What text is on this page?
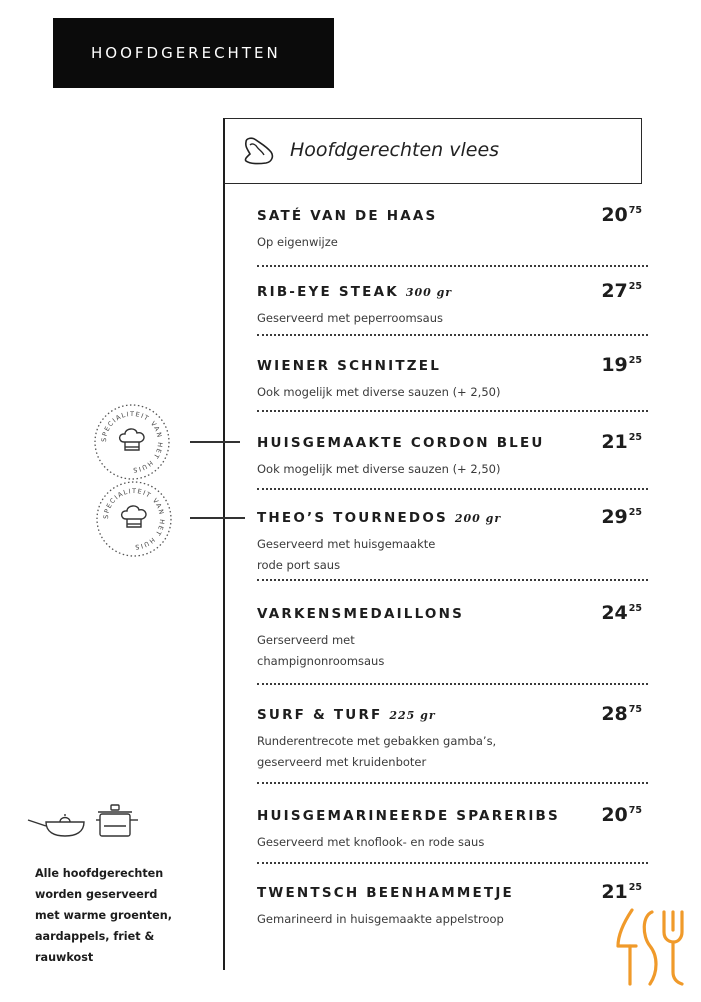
HOOFDGERECHTEN
Hoofdgerechten vlees
SATÉ VAN DE HAAS	$20^{75}$
Op eigenwijze
RIB-EYE STEAK 300 gr	$27^{25}$
Geserveerd met peperroomsaus
WIENER SCHNITZEL	$19^{25}$
Ook mogelijk met diverse sauzen (+ 2,50)
HUISGEMAAKTE CORDON BLEU	$21^{25}$
Ook mogelijk met diverse sauzen (+ 2,50)
THEO’S TOURNEDOS 200 gr	$29^{25}$
Geserveerd met huisgemaakte
rode port saus
VARKENSMEDAILLONS	$24^{25}$
Gerserveerd met
champignonroomsaus
SURF & TURF 225 gr	$28^{75}$
Runderentrecote met gebakken gamba’s,
geserveerd met kruidenboter
HUISGEMARINEERDE SPARERIBS $20^{75}$
Geserveerd met knoflook- en rode saus
TWENTSCH BEENHAMMETJE	$21^{25}$
Gemarineerd in huisgemaakte appelstroop
SPECIALITEIT VAN HET HUIS
SPECIALITEIT VAN HET HUIS
Alle hoofdgerechten
worden geserveerd
met warme groenten,
aardappels, friet &
rauwkost
